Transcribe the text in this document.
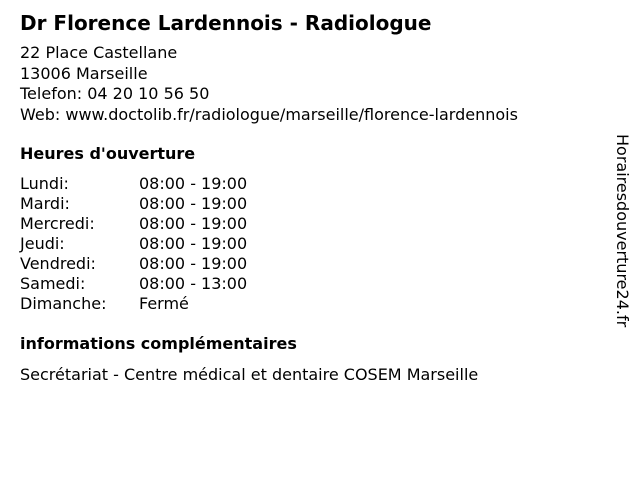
Dr Florence Lardennois - Radiologue
22 Place Castellane
13006 Marseille
Telefon: 04 20 10 56 50
Web: www.doctolib.fr/radiologue/marseille/florence-lardennois
Heures d'ouverture
Lundi:	08:00 - 19:00
Mardi:	08:00 - 19:00
Mercredi:	08:00 - 19:00
Jeudi:	08:00 - 19:00
Vendredi:	08:00 - 19:00
Samedi:	08:00 - 13:00
Dimanche: Fermé
informations complémentaires
Secrétariat - Centre médical et dentaire COSEM Marseille
Horairesdouverture24.fr
